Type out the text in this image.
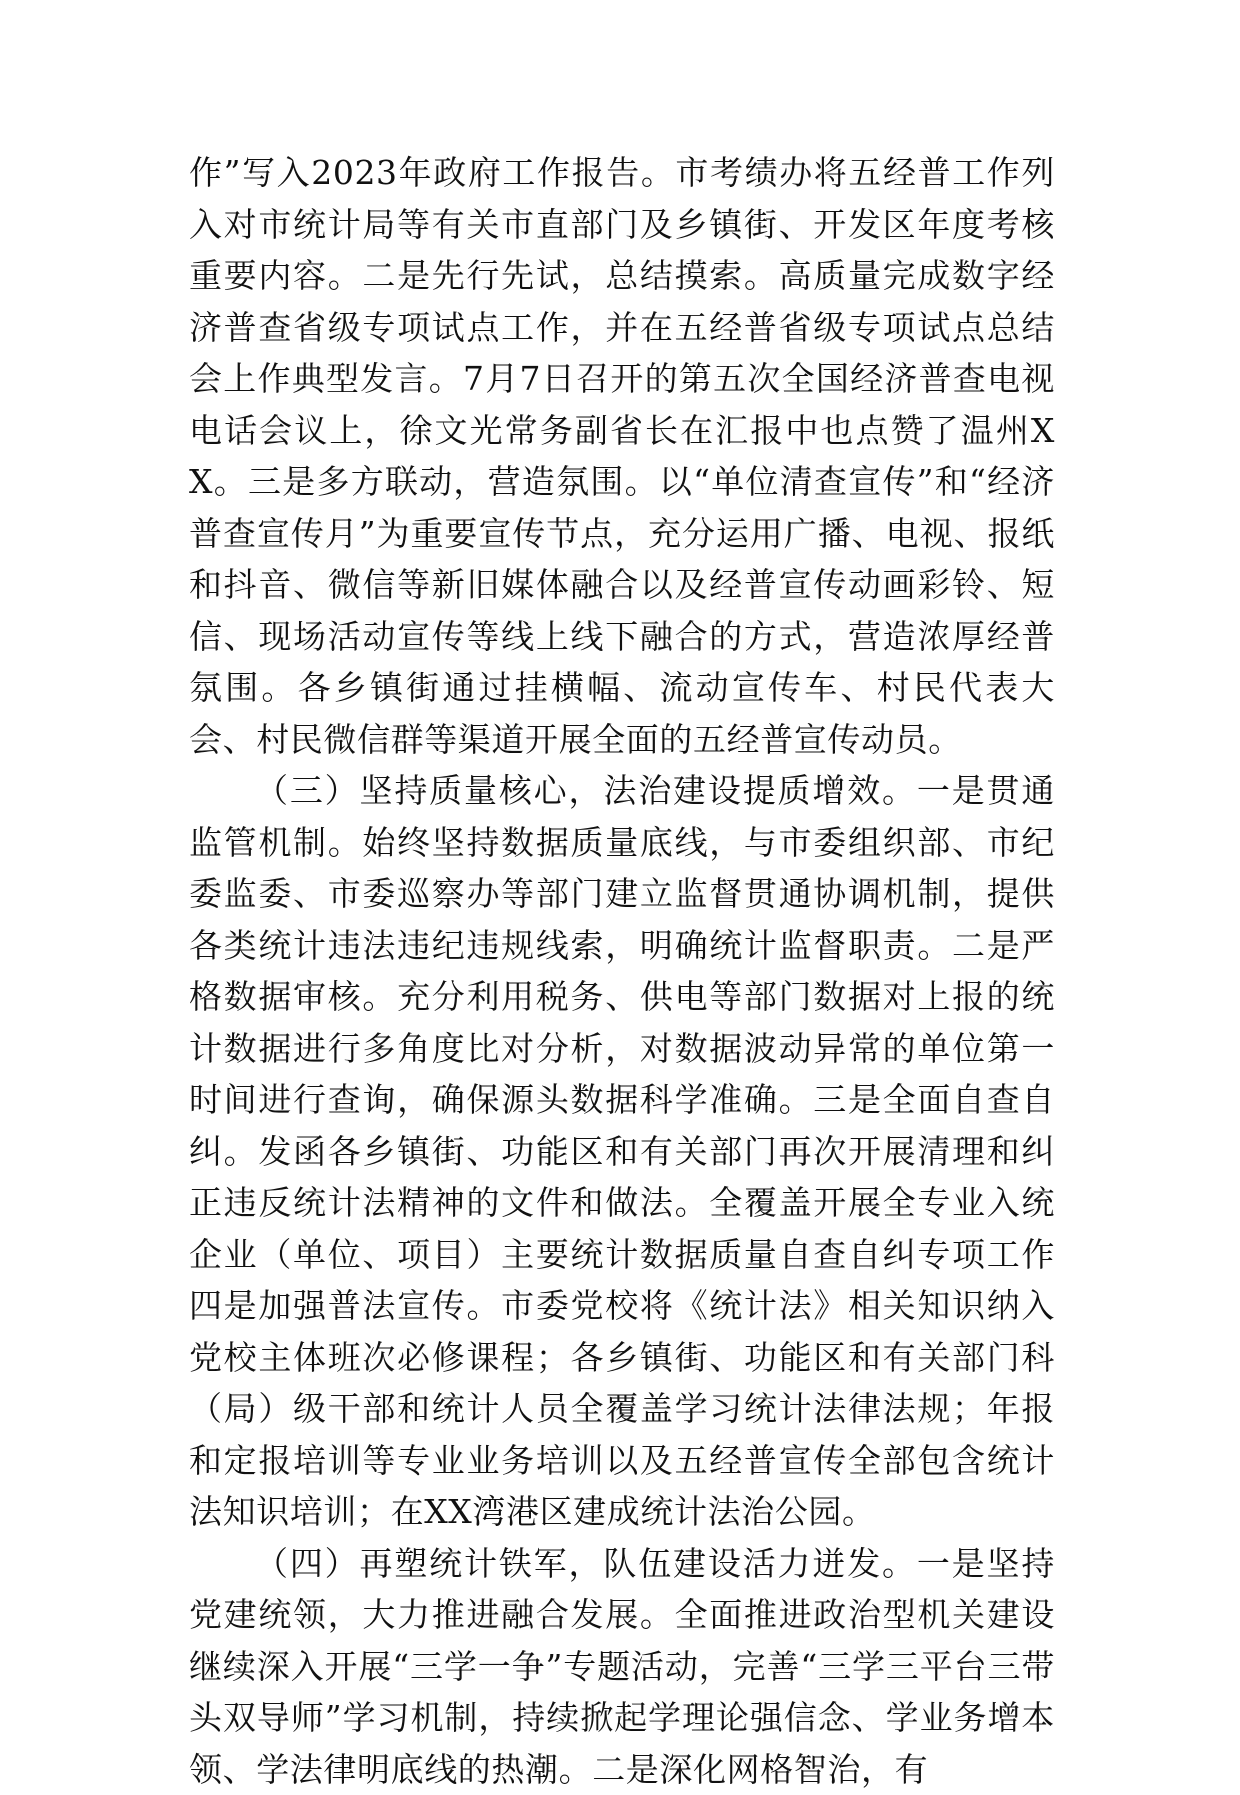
作”写入2023年政府工作报告。市考绩办将五经普工作列入对市统计局等有关市直部门及乡镇街、开发区年度考核重要内容。二是先行先试，总结摸索。高质量完成数字经济普查省级专项试点工作，并在五经普省级专项试点总结会上作典型发言。7月7日召开的第五次全国经济普查电视电话会议上，徐文光常务副省长在汇报中也点赞了温州XX。三是多方联动，营造氛围。以“单位清查宣传”和“经济普查宣传月”为重要宣传节点，充分运用广播、电视、报纸和抖音、微信等新旧媒体融合以及经普宣传动画彩铃、短信、现场活动宣传等线上线下融合的方式，营造浓厚经普氛围。各乡镇街通过挂横幅、流动宣传车、村民代表大会、村民微信群等渠道开展全面的五经普宣传动员。

（三）坚持质量核心，法治建设提质增效。一是贯通监管机制。始终坚持数据质量底线，与市委组织部、市纪委监委、市委巡察办等部门建立监督贯通协调机制，提供各类统计违法违纪违规线索，明确统计监督职责。二是严格数据审核。充分利用税务、供电等部门数据对上报的统计数据进行多角度比对分析，对数据波动异常的单位第一时间进行查询，确保源头数据科学准确。三是全面自查自纠。发函各乡镇街、功能区和有关部门再次开展清理和纠正违反统计法精神的文件和做法。全覆盖开展全专业入统企业（单位、项目）主要统计数据质量自查自纠专项工作四是加强普法宣传。市委党校将《统计法》相关知识纳入党校主体班次必修课程；各乡镇街、功能区和有关部门科（局）级干部和统计人员全覆盖学习统计法律法规；年报和定报培训等专业业务培训以及五经普宣传全部包含统计法知识培训；在XX湾港区建成统计法治公园。

（四）再塑统计铁军，队伍建设活力迸发。一是坚持党建统领，大力推进融合发展。全面推进政治型机关建设继续深入开展“三学一争”专题活动，完善“三学三平台三带头双导师”学习机制，持续掀起学理论强信念、学业务增本领、学法律明底线的热潮。二是深化网格智治，有
